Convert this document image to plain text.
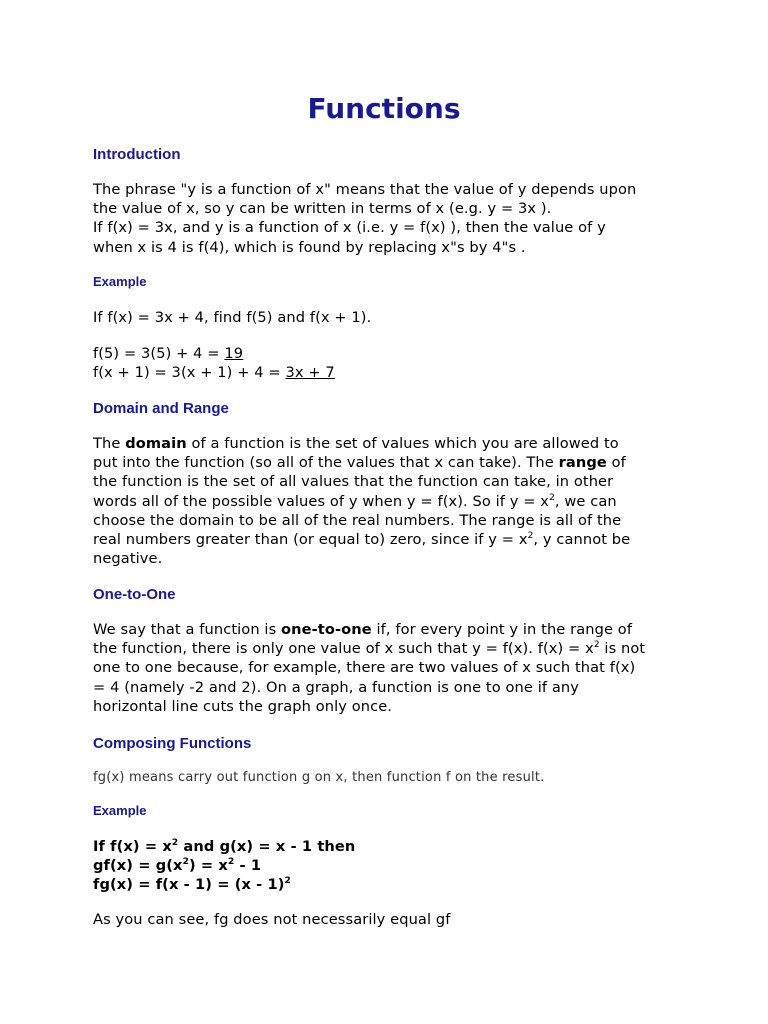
Functions
Introduction
The phrase "y is a function of x" means that the value of y depends upon
the value of x, so y can be written in terms of x (e.g. y = 3x ).
If f(x) = 3x, and y is a function of x (i.e. y = f(x) ), then the value of y
when x is 4 is f(4), which is found by replacing x"s by 4"s .
Example
If f(x) = 3x + 4, find f(5) and f(x + 1).
f(5) = 3(5) + 4 = 19
f(x + 1) = 3(x + 1) + 4 = 3x + 7
Domain and Range
The domain of a function is the set of values which you are allowed to
put into the function (so all of the values that x can take). The range of
the function is the set of all values that the function can take, in other
words all of the possible values of y when y = f(x). So if $y = x^2$, we can
choose the domain to be all of the real numbers. The range is all of the
real numbers greater than (or equal to) zero, since if $y = x^2$, y cannot be
negative.
One-to-One
We say that a function is one-to-one if, for every point y in the range of
the function, there is only one value of x such that y = f(x). $f(x) = x^2$ is not
one to one because, for example, there are two values of x such that f(x)
= 4 (namely -2 and 2). On a graph, a function is one to one if any
horizontal line cuts the graph only once.
Composing Functions
fg(x) means carry out function g on x, then function f on the result.
Example
If $f(x) = x^2$ and g(x) = x - 1 then
$gf(x) = g(x^2) = x^2 - 1$
fg(x) = f(x - 1) = (x - 1)$^2$
As you can see, fg does not necessarily equal gf
